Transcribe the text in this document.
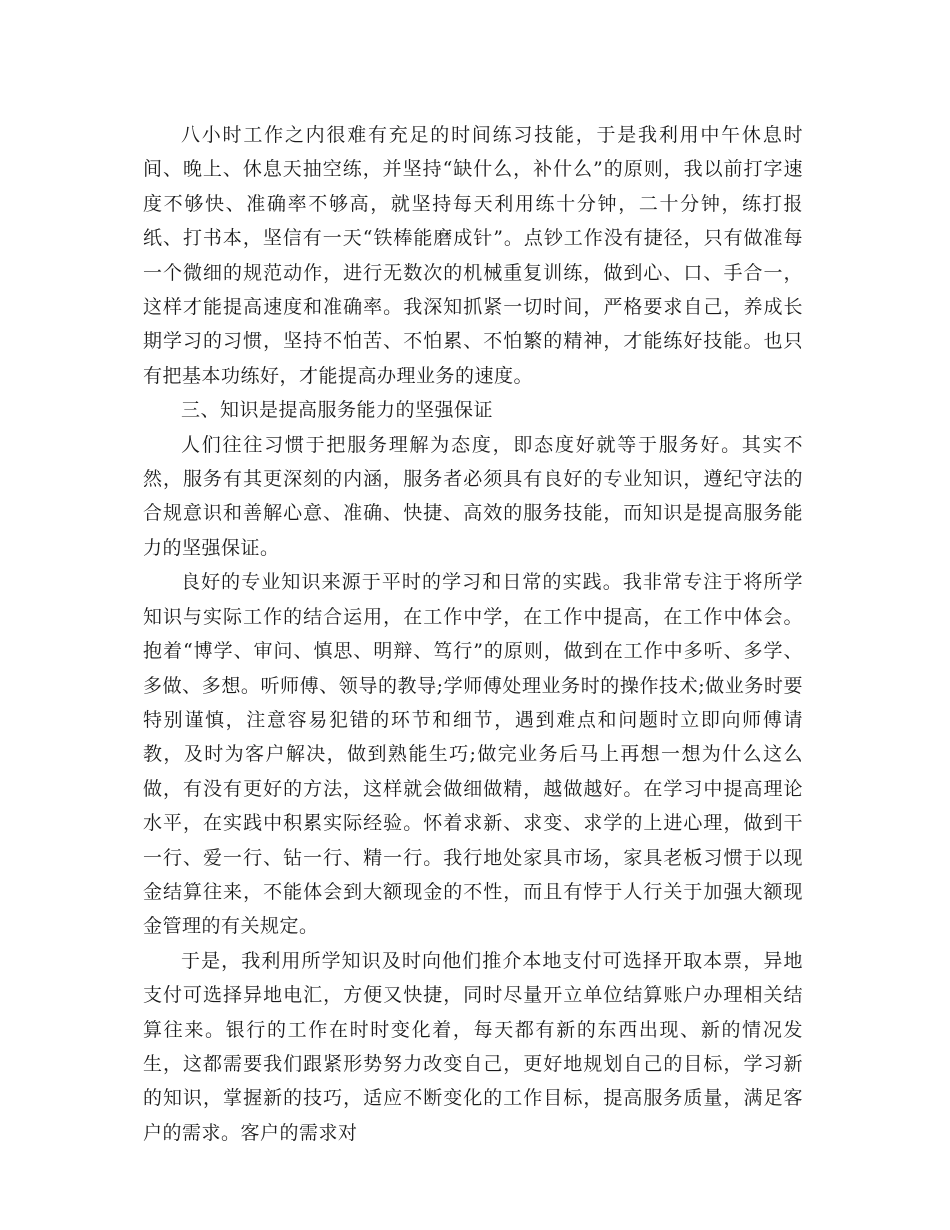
八小时工作之内很难有充足的时间练习技能，于是我利用中午休息时间、晚上、休息天抽空练，并坚持“缺什么，补什么”的原则，我以前打字速度不够快、准确率不够高，就坚持每天利用练十分钟，二十分钟，练打报纸、打书本，坚信有一天“铁棒能磨成针”。点钞工作没有捷径，只有做准每一个微细的规范动作，进行无数次的机械重复训练，做到心、口、手合一，这样才能提高速度和准确率。我深知抓紧一切时间，严格要求自己，养成长期学习的习惯，坚持不怕苦、不怕累、不怕繁的精神，才能练好技能。也只有把基本功练好，才能提高办理业务的速度。

三、知识是提高服务能力的坚强保证

人们往往习惯于把服务理解为态度，即态度好就等于服务好。其实不然，服务有其更深刻的内涵，服务者必须具有良好的专业知识，遵纪守法的合规意识和善解心意、准确、快捷、高效的服务技能，而知识是提高服务能力的坚强保证。

良好的专业知识来源于平时的学习和日常的实践。我非常专注于将所学知识与实际工作的结合运用，在工作中学，在工作中提高，在工作中体会。抱着“博学、审问、慎思、明辩、笃行”的原则，做到在工作中多听、多学、多做、多想。听师傅、领导的教导;学师傅处理业务时的操作技术;做业务时要特别谨慎，注意容易犯错的环节和细节，遇到难点和问题时立即向师傅请教，及时为客户解决，做到熟能生巧;做完业务后马上再想一想为什么这么做，有没有更好的方法，这样就会做细做精，越做越好。在学习中提高理论水平，在实践中积累实际经验。怀着求新、求变、求学的上进心理，做到干一行、爱一行、钻一行、精一行。我行地处家具市场，家具老板习惯于以现金结算往来，不能体会到大额现金的不性，而且有悖于人行关于加强大额现金管理的有关规定。

于是，我利用所学知识及时向他们推介本地支付可选择开取本票，异地支付可选择异地电汇，方便又快捷，同时尽量开立单位结算账户办理相关结算往来。银行的工作在时时变化着，每天都有新的东西出现、新的情况发生，这都需要我们跟紧形势努力改变自己，更好地规划自己的目标，学习新的知识，掌握新的技巧，适应不断变化的工作目标，提高服务质量，满足客户的需求。客户的需求对
